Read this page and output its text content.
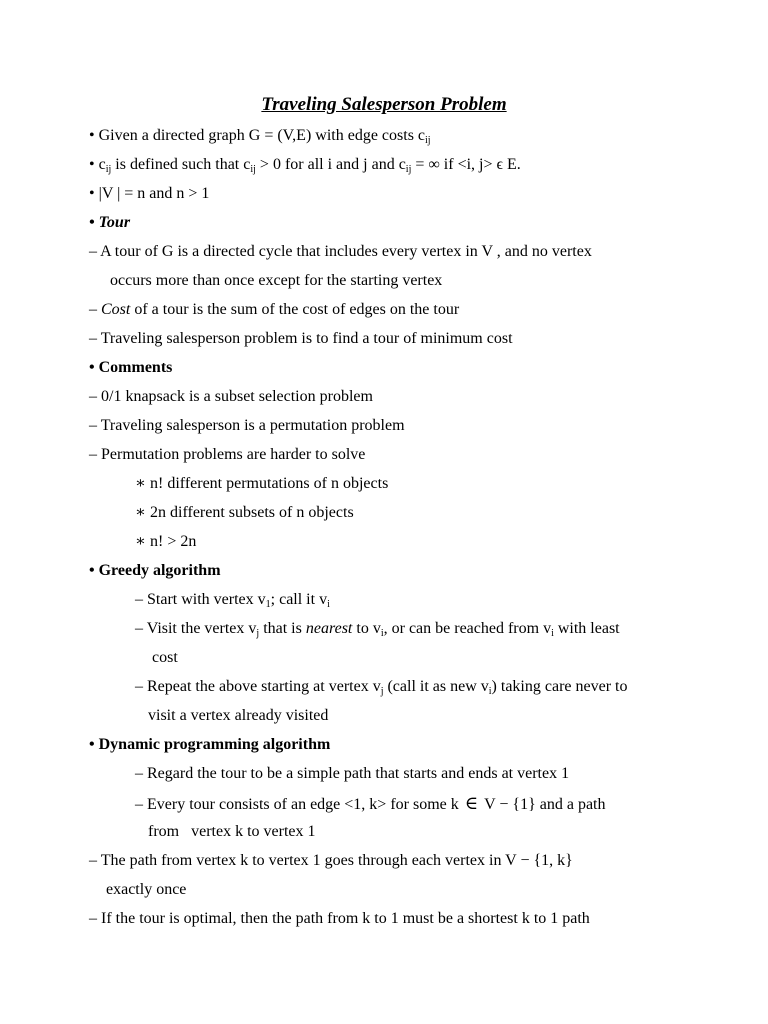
Traveling Salesperson Problem
• Given a directed graph G = (V,E) with edge costs $c_{ij}$
• $c_{ij}$ is defined such that $c_{ij} > 0$ for all i and j and $c_{ij}$ = ∞ if <i, j> ϵ E.
• |V | = n and n > 1
• Tour
– A tour of G is a directed cycle that includes every vertex in V , and no vertex
occurs more than once except for the starting vertex
– Cost of a tour is the sum of the cost of edges on the tour
– Traveling salesperson problem is to find a tour of minimum cost
• Comments
– 0/1 knapsack is a subset selection problem
– Traveling salesperson is a permutation problem
– Permutation problems are harder to solve
∗ n! different permutations of n objects
∗ 2n different subsets of n objects
∗ n! > 2n
• Greedy algorithm
– Start with vertex $v_1$; call it $v_i$
– Visit the vertex $v_j$ that is nearest to $v_i$, or can be reached from $v_i$ with least
cost
– Repeat the above starting at vertex $v_j$ (call it as new $v_i$) taking care never to
visit a vertex already visited
• Dynamic programming algorithm
– Regard the tour to be a simple path that starts and ends at vertex 1
– Every tour consists of an edge <1, k> for some k ∈ V − {1} and a path
from   vertex k to vertex 1
– The path from vertex k to vertex 1 goes through each vertex in V − {1, k}
exactly once
– If the tour is optimal, then the path from k to 1 must be a shortest k to 1 path
